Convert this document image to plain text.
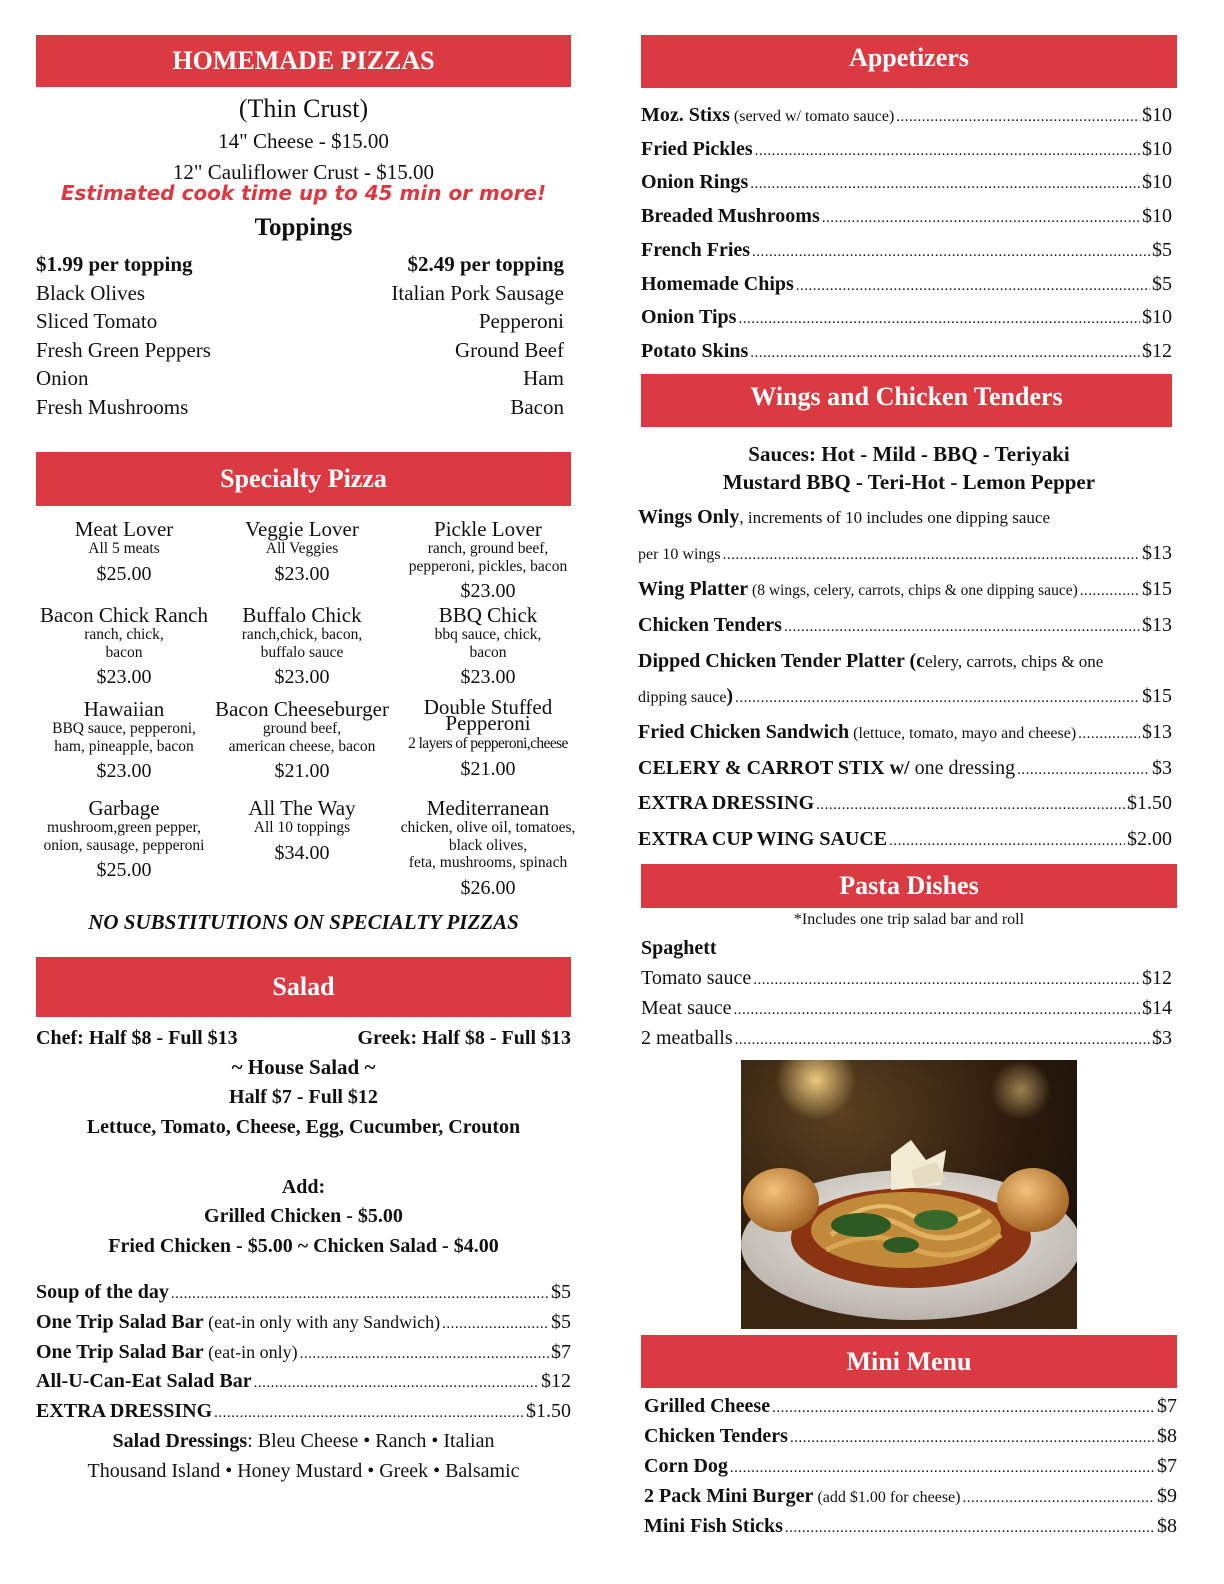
HOMEMADE PIZZAS
(Thin Crust)
14" Cheese - $15.00
12" Cauliflower Crust - $15.00
Estimated cook time up to 45 min or more!
Toppings
$1.99 per topping
Black Olives
Sliced Tomato
Fresh Green Peppers
Onion
Fresh Mushrooms
$2.49 per topping
Italian Pork Sausage
Pepperoni
Ground Beef
Ham
Bacon
Specialty Pizza
Meat Lover
All 5 meats
$25.00
Veggie Lover
All Veggies
$23.00
Pickle Lover
ranch, ground beef,
pepperoni, pickles, bacon
$23.00
Bacon Chick Ranch
ranch, chick,
bacon
$23.00
Buffalo Chick
ranch,chick, bacon,
buffalo sauce
$23.00
BBQ Chick
bbq sauce, chick,
bacon
$23.00
Hawaiian
BBQ sauce, pepperoni,
ham, pineapple, bacon
$23.00
Bacon Cheeseburger
ground beef,
american cheese, bacon
$21.00
Double Stuffed Pepperoni
2 layers of pepperoni,cheese
$21.00
Garbage
mushroom,green pepper,
onion, sausage, pepperoni
$25.00
All The Way
All 10 toppings
$34.00
Mediterranean
chicken, olive oil, tomatoes,
black olives,
feta, mushrooms, spinach
$26.00
NO SUBSTITUTIONS ON SPECIALTY PIZZAS
Salad
Chef: Half $8 - Full $13	Greek: Half $8 - Full $13
~ House Salad ~
Half $7 - Full $12
Lettuce, Tomato, Cheese, Egg, Cucumber, Crouton
Add:
Grilled Chicken - $5.00
Fried Chicken - $5.00 ~ Chicken Salad - $4.00
Soup of the day .....	$5
One Trip Salad Bar (eat-in only with any Sandwich) .....	$5
One Trip Salad Bar (eat-in only) .....	$7
All-U-Can-Eat Salad Bar .....	$12
EXTRA DRESSING .....	$1.50
Salad Dressings: Bleu Cheese • Ranch • Italian
Thousand Island • Honey Mustard • Greek • Balsamic
Appetizers
Moz. Stixs (served w/ tomato sauce) .....	$10
Fried Pickles .....	$10
Onion Rings .....	$10
Breaded Mushrooms .....	$10
French Fries .....	$5
Homemade Chips .....	$5
Onion Tips .....	$10
Potato Skins .....	$12
Wings and Chicken Tenders
Sauces: Hot - Mild - BBQ - Teriyaki
Mustard BBQ - Teri-Hot - Lemon Pepper
Wings Only, increments of 10 includes one dipping sauce
per 10 wings .....	$13
Wing Platter (8 wings, celery, carrots, chips & one dipping sauce) .....	$15
Chicken Tenders .....	$13
Dipped Chicken Tender Platter (celery, carrots, chips & one
dipping sauce) .....	$15
Fried Chicken Sandwich (lettuce, tomato, mayo and cheese) .....	$13
CELERY & CARROT STIX w/ one dressing .....	$3
EXTRA DRESSING .....	$1.50
EXTRA CUP WING SAUCE .....	$2.00
Pasta Dishes
*Includes one trip salad bar and roll
Spaghett
Tomato sauce .....	$12
Meat sauce .....	$14
2 meatballs .....	$3
Mini Menu
Grilled Cheese .....	$7
Chicken Tenders .....	$8
Corn Dog .....	$7
2 Pack Mini Burger (add $1.00 for cheese) .....	$9
Mini Fish Sticks .....	$8
